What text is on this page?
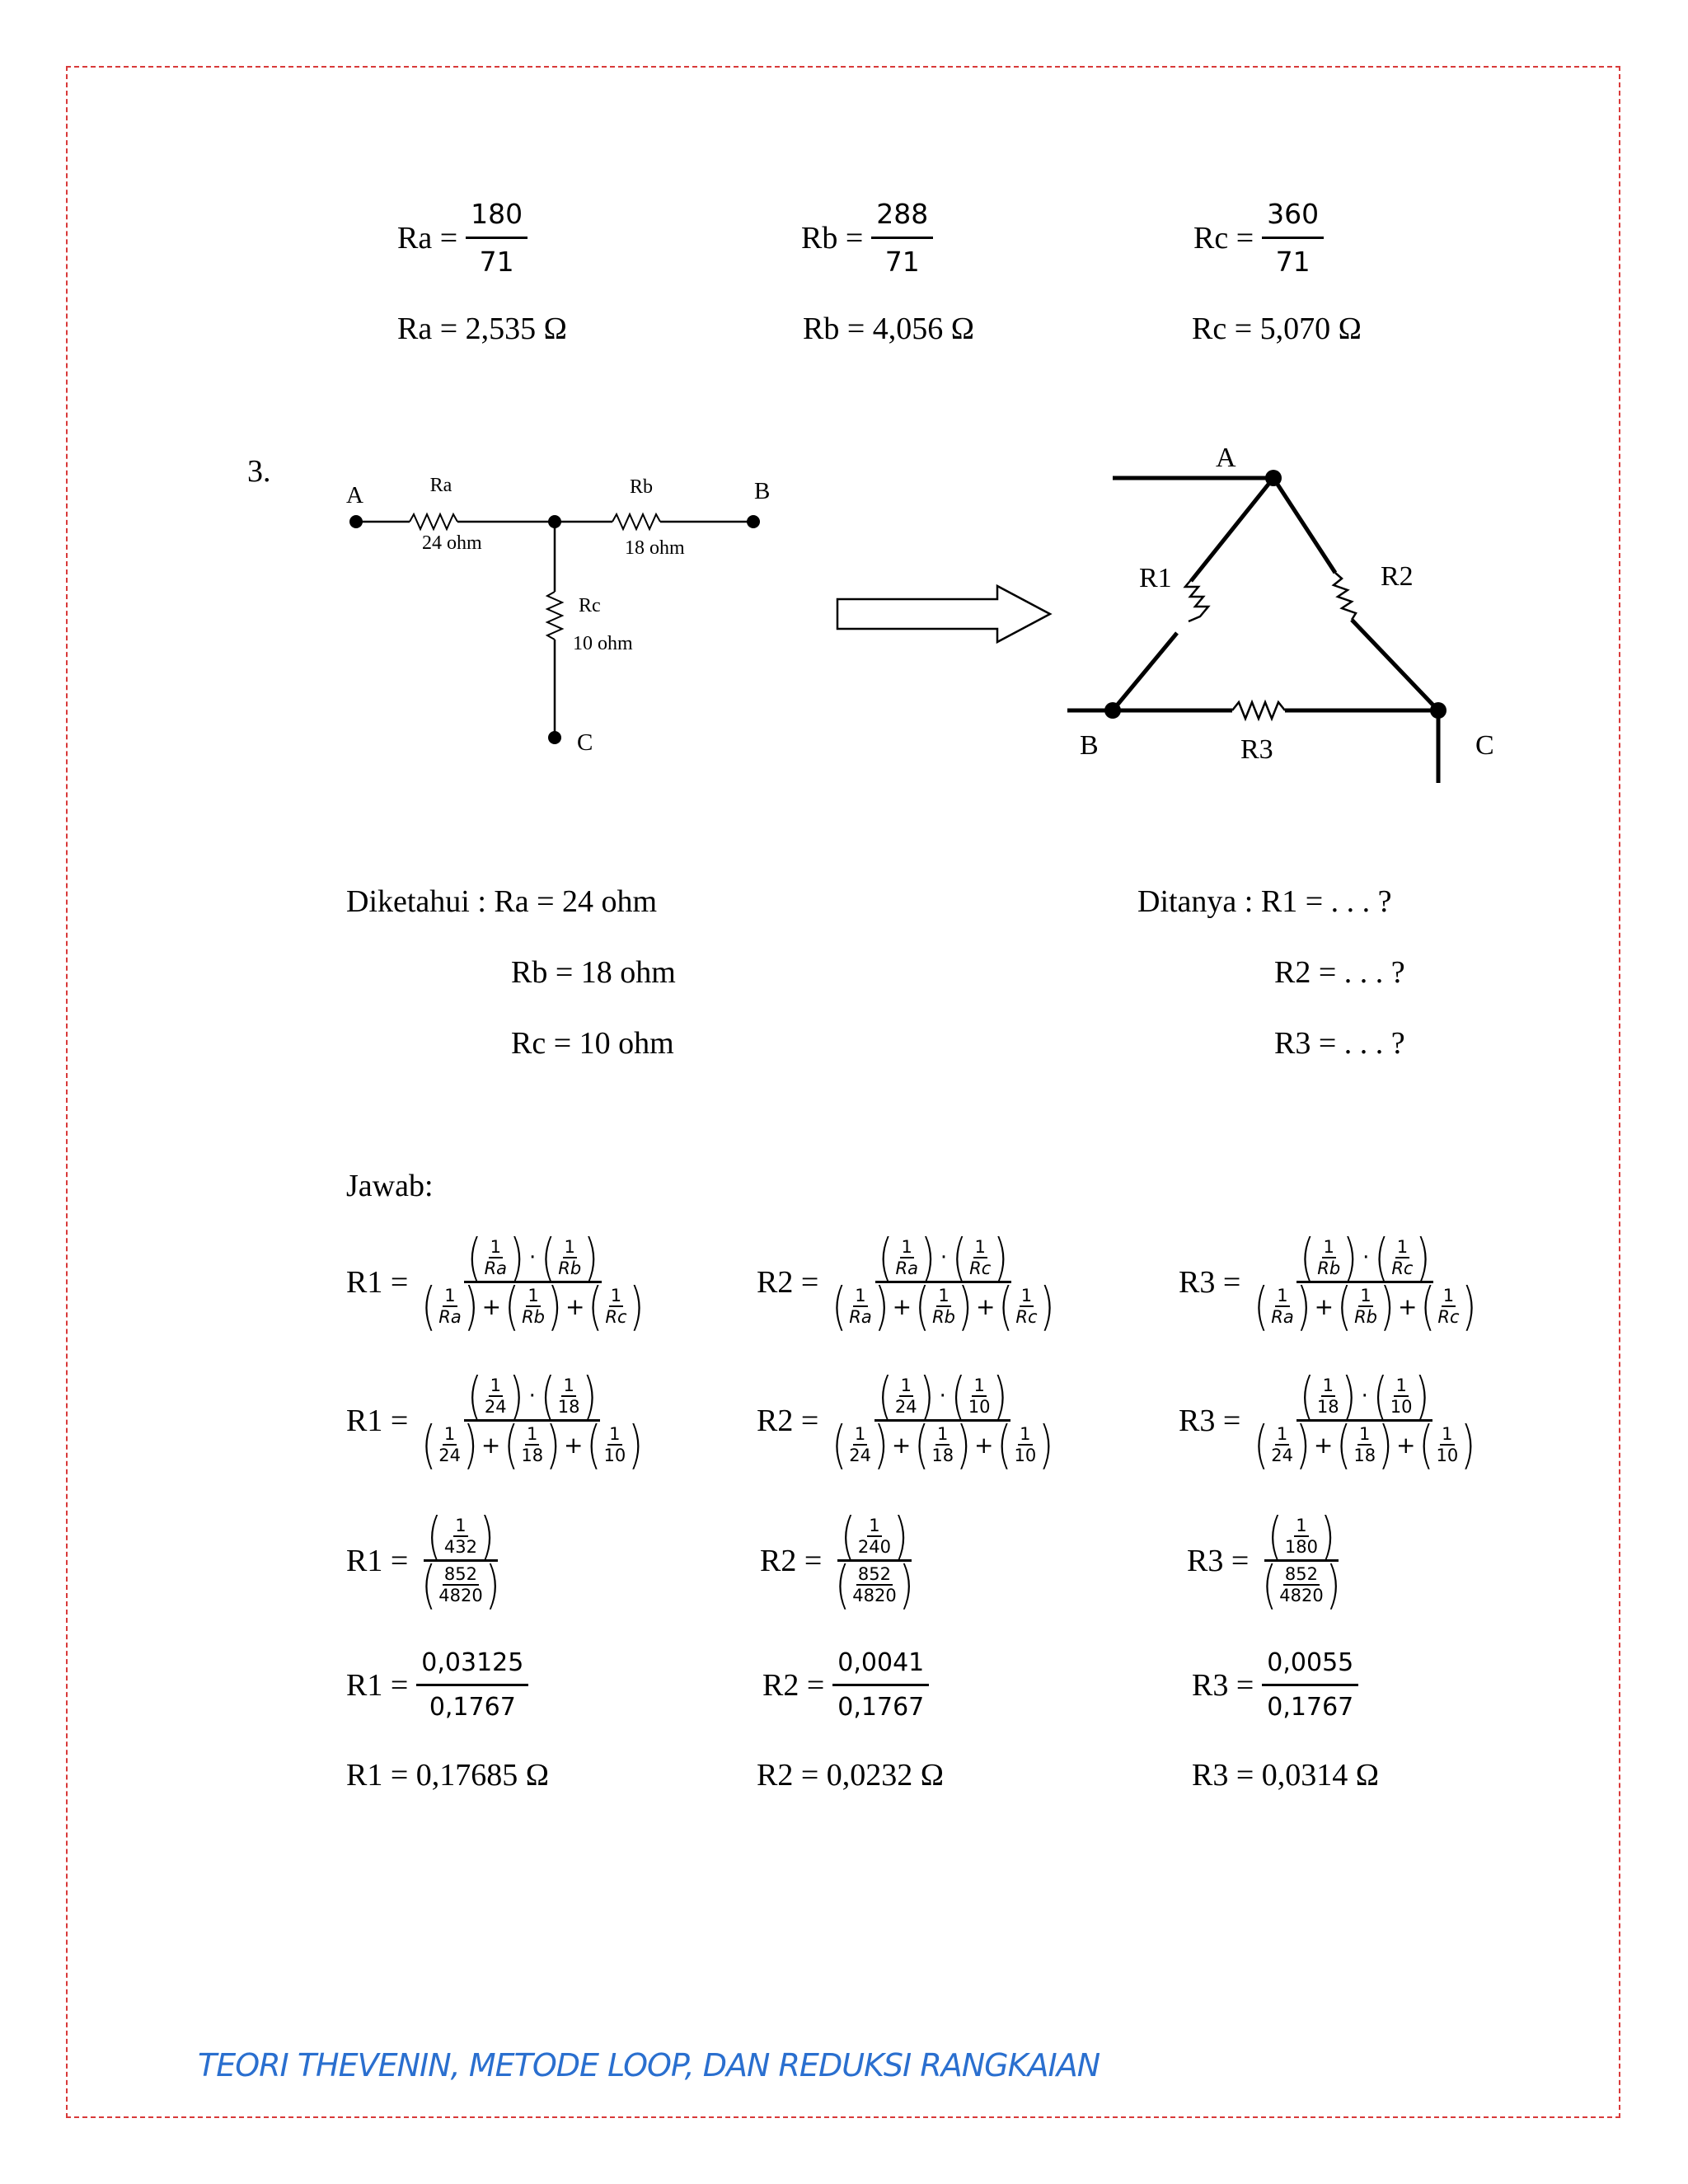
$Ra = \frac{180}{71}$	$Rb = \frac{288}{71}$	$Rc = \frac{360}{71}$
Ra = 2,535 Ω	Rb = 4,056 Ω	Rc = 5,070 Ω
3.
A	B
C
Ra
24 ohm
Rb
18 ohm
Rc
10 ohm
A
B	C
R1	R2
R3
Diketahui : Ra = 24 ohm
Rb = 18 ohm
Rc = 10 ohm
Ditanya : R1 = . . . ?
R2 = . . . ?
R3 = . . . ?
Jawab:
R1 = ( 1
Ra ) · ( 1
Rb )
( 1
Ra ) + ( 1
Rb ) + ( 1
Rc )	R2 = ( 1
Ra ) · ( 1
Rc )
( 1
Ra ) + ( 1
Rb ) + ( 1
Rc )	R3 = ( 1
Rb ) · ( 1
Rc )
( 1
Ra ) + ( 1
Rb ) + ( 1
Rc )
R1 = ( 1
24 ) · ( 1
18 )
( 1
24 ) + ( 1
18 ) + ( 1
10 )	R2 = ( 1
24 ) · ( 1
10 )
( 1
24 ) + ( 1
18 ) + ( 1
10 )	R3 = ( 1
18 ) · ( 1
10 )
( 1
24 ) + ( 1
18 ) + ( 1
10 )
R1 = ( 1
432 )
( 852
4820 )	R2 = ( 1
240 )
( 852
4820 )	R3 = ( 1
180 )
( 852
4820 )
$R1 = \frac{0,03125}{0,1767}$	$R2 = \frac{0,0041}{0,1767}$	$R3 = \frac{0,0055}{0,1767}$
R1 = 0,17685 Ω	R2 = 0,0232 Ω	R3 = 0,0314 Ω
TEORI THEVENIN, METODE LOOP, DAN REDUKSI RANGKAIAN
